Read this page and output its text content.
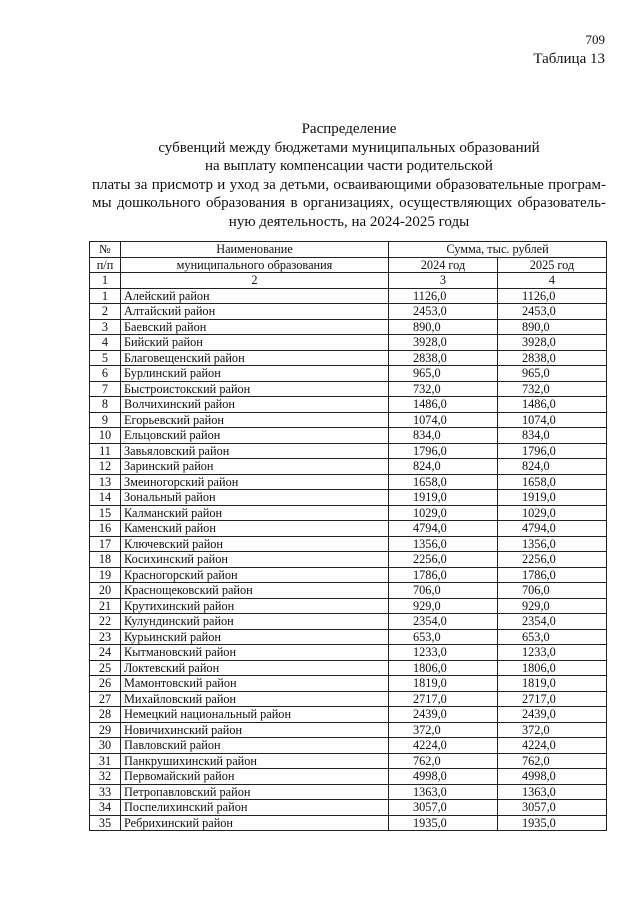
709
Таблица 13
Распределение
субвенций между бюджетами муниципальных образований
на выплату компенсации части родительской
платы за присмотр и уход за детьми, осваивающими образовательные програм-
мы дошкольного образования в организациях, осуществляющих образователь-
ную деятельность, на 2024-2025 годы
№	Наименование	Сумма, тыс. рублей	
п/п	муниципального образования	2024 год	2025 год
1	2	3	4
1	Алейский район	1126,0	1126,0
2	Алтайский район	2453,0	2453,0
3	Баевский район	890,0	890,0
4	Бийский район	3928,0	3928,0
5	Благовещенский район	2838,0	2838,0
6	Бурлинский район	965,0	965,0
7	Быстроистокский район	732,0	732,0
8	Волчихинский район	1486,0	1486,0
9	Егорьевский район	1074,0	1074,0
10	Ельцовский район	834,0	834,0
11	Завьяловский район	1796,0	1796,0
12	Заринский район	824,0	824,0
13	Змеиногорский район	1658,0	1658,0
14	Зональный район	1919,0	1919,0
15	Калманский район	1029,0	1029,0
16	Каменский район	4794,0	4794,0
17	Ключевский район	1356,0	1356,0
18	Косихинский район	2256,0	2256,0
19	Красногорский район	1786,0	1786,0
20	Краснощековский район	706,0	706,0
21	Крутихинский район	929,0	929,0
22	Кулундинский район	2354,0	2354,0
23	Курьинский район	653,0	653,0
24	Кытмановский район	1233,0	1233,0
25	Локтевский район	1806,0	1806,0
26	Мамонтовский район	1819,0	1819,0
27	Михайловский район	2717,0	2717,0
28	Немецкий национальный район	2439,0	2439,0
29	Новичихинский район	372,0	372,0
30	Павловский район	4224,0	4224,0
31	Панкрушихинский район	762,0	762,0
32	Первомайский район	4998,0	4998,0
33	Петропавловский район	1363,0	1363,0
34	Поспелихинский район	3057,0	3057,0
35	Ребрихинский район	1935,0	1935,0
